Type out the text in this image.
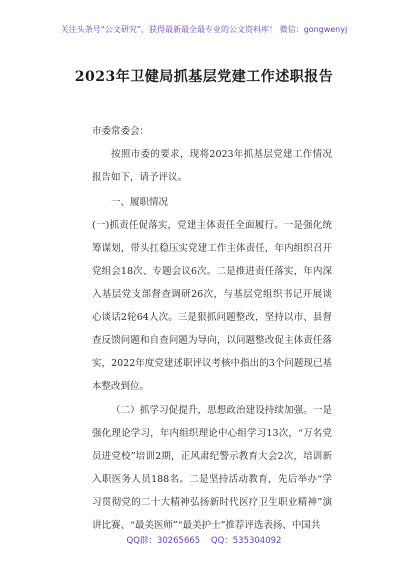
关注头条号“公文研究”，获得最新最全最专业的公文资料库！ 微信：gongwenyj
2023年卫健局抓基层党建工作述职报告
市委常委会：
按照市委的要求，现将2023年抓基层党建工作情况报告如下，请予评议。
一、履职情况
(一)抓责任促落实，党建主体责任全面履行。一是强化统筹谋划，带头扛稳压实党建工作主体责任，年内组织召开党组会18次、专题会议6次。二是推进责任落实，年内深入基层党支部督查调研26次，与基层党组织书记开展谈心谈话2轮64人次。三是狠抓问题整改，坚持以市、县督查反馈问题和自查问题为导向，以问题整改促主体责任落实，2022年度党建述职评议考核中指出的3个问题现已基本整改到位。
（二）抓学习促提升，思想政治建设持续加强。一是强化理论学习，年内组织理论中心组学习13次，“万名党员进党校”培训2期，正风肃纪警示教育大会2次，培训新入职医务人员188名。二是坚持活动教育，先后举办“学习贯彻党的二十大精神弘扬新时代医疗卫生职业精神”演讲比赛、“最美医师”“最美护士”推荐评选表扬、中国共
QQ群：30265665 QQ：535304092
